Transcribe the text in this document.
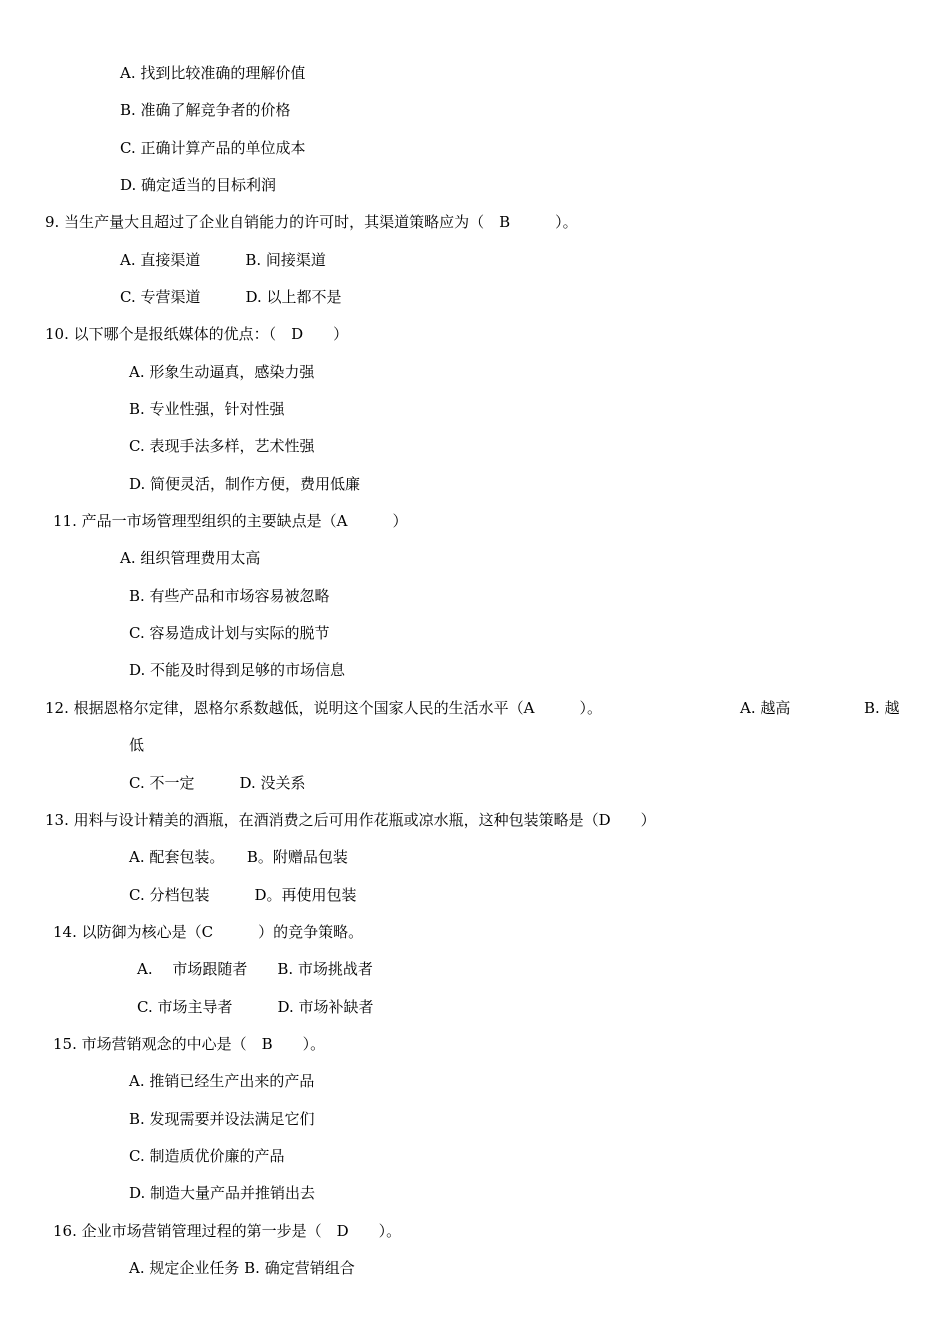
A. 找到比较准确的理解价值
B. 准确了解竞争者的价格
C. 正确计算产品的单位成本
D. 确定适当的目标利润
9. 当生产量大且超过了企业自销能力的许可时，其渠道策略应为（　B　　　）。
A. 直接渠道　　　B. 间接渠道
C. 专营渠道　　　D. 以上都不是
10. 以下哪个是报纸媒体的优点：（　D　　）
A. 形象生动逼真，感染力强
B. 专业性强，针对性强
C. 表现手法多样，艺术性强
D. 简便灵活，制作方便，费用低廉
11. 产品一市场管理型组织的主要缺点是（A　　　）
A. 组织管理费用太高
B. 有些产品和市场容易被忽略
C. 容易造成计划与实际的脱节
D. 不能及时得到足够的市场信息
12. 根据恩格尔定律，恩格尔系数越低，说明这个国家人民的生活水平（A　　　）。	A. 越高	B. 越
低
C. 不一定　　　D. 没关系
13. 用料与设计精美的酒瓶，在酒消费之后可用作花瓶或凉水瓶，这种包装策略是（D　　）
A. 配套包装。　　B。附赠品包装
C. 分档包装　　　D。再使用包装
14. 以防御为核心是（C　　　）的竞争策略。
A.　 市场跟随者　　B. 市场挑战者
C. 市场主导者　　　D. 市场补缺者
15. 市场营销观念的中心是（　B　　）。
A. 推销已经生产出来的产品
B. 发现需要并设法满足它们
C. 制造质优价廉的产品
D. 制造大量产品并推销出去
16. 企业市场营销管理过程的第一步是（　D　　）。
A. 规定企业任务 B. 确定营销组合
